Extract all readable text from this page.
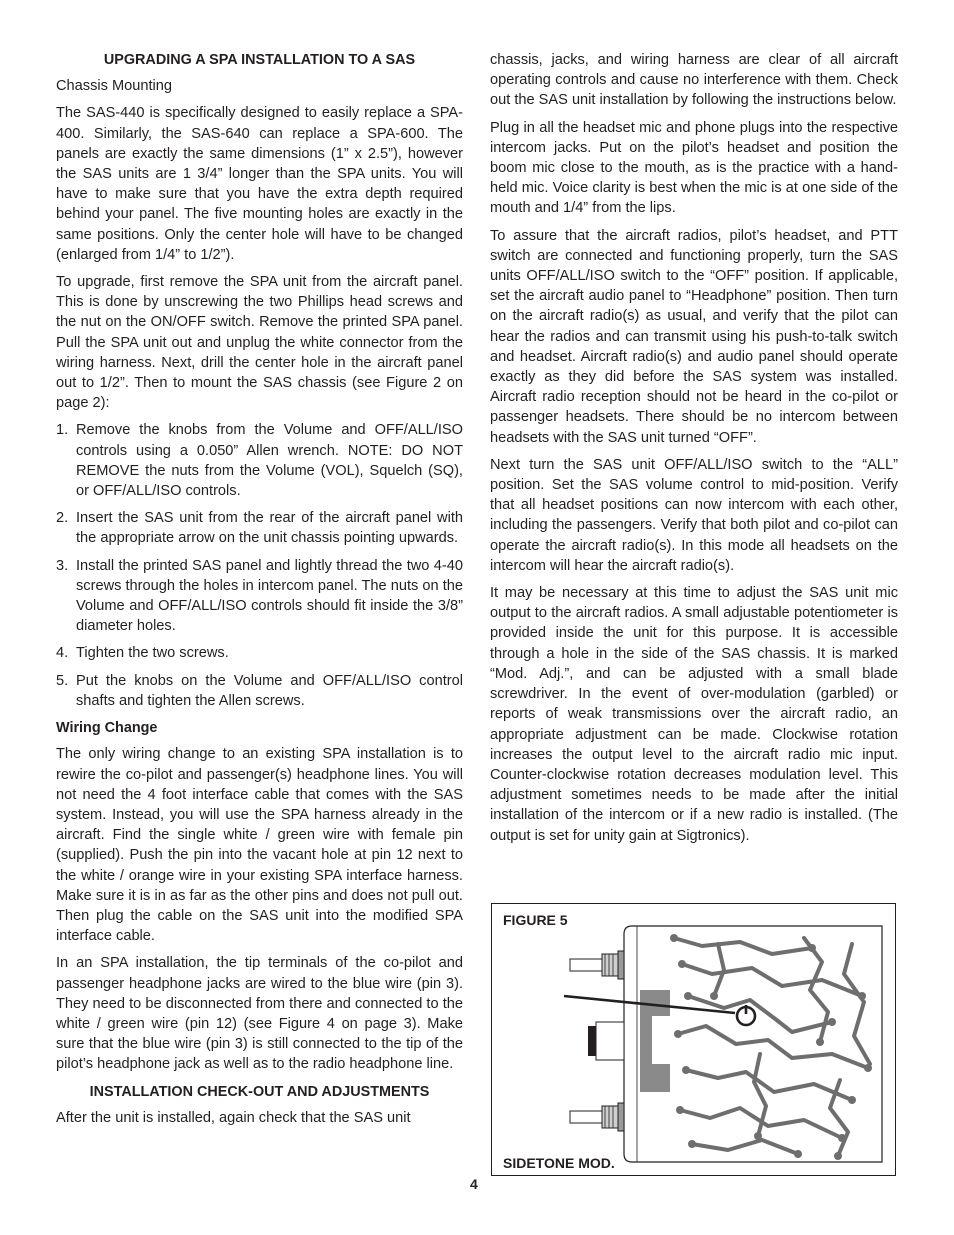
UPGRADING A SPA INSTALLATION TO A SAS

Chassis Mounting

The SAS-440 is specifically designed to easily replace a SPA-400. Similarly, the SAS-640 can replace a SPA-600. The panels are exactly the same dimensions (1” x 2.5”), however the SAS units are 1 3/4” longer than the SPA units. You will have to make sure that you have the extra depth required behind your panel. The five mounting holes are exactly in the same positions. Only the center hole will have to be changed (enlarged from 1/4” to 1/2”).

To upgrade, first remove the SPA unit from the aircraft panel. This is done by unscrewing the two Phillips head screws and the nut on the ON/OFF switch. Remove the printed SPA panel. Pull the SPA unit out and unplug the white connector from the wiring harness. Next, drill the center hole in the aircraft panel out to 1/2”. Then to mount the SAS chassis (see Figure 2 on page 2):

1. Remove the knobs from the Volume and OFF/ALL/ISO controls using a 0.050” Allen wrench. NOTE: DO NOT REMOVE the nuts from the Volume (VOL), Squelch (SQ), or OFF/ALL/ISO controls.
2. Insert the SAS unit from the rear of the aircraft panel with the appropriate arrow on the unit chassis pointing upwards.
3. Install the printed SAS panel and lightly thread the two 4-40 screws through the holes in intercom panel. The nuts on the Volume and OFF/ALL/ISO controls should fit inside the 3/8” diameter holes.
4. Tighten the two screws.
5. Put the knobs on the Volume and OFF/ALL/ISO control shafts and tighten the Allen screws.

Wiring Change

The only wiring change to an existing SPA installation is to rewire the co-pilot and passenger(s) headphone lines. You will not need the 4 foot interface cable that comes with the SAS system. Instead, you will use the SPA harness already in the aircraft. Find the single white / green wire with female pin (supplied). Push the pin into the vacant hole at pin 12 next to the white / orange wire in your existing SPA interface harness. Make sure it is in as far as the other pins and does not pull out. Then plug the cable on the SAS unit into the modified SPA interface cable.

In an SPA installation, the tip terminals of the co-pilot and passenger headphone jacks are wired to the blue wire (pin 3). They need to be disconnected from there and connected to the white / green wire (pin 12) (see Figure 4 on page 3). Make sure that the blue wire (pin 3) is still connected to the tip of the pilot’s headphone jack as well as to the radio headphone line.

INSTALLATION CHECK-OUT AND ADJUSTMENTS

After the unit is installed, again check that the SAS unit

chassis, jacks, and wiring harness are clear of all aircraft operating controls and cause no interference with them. Check out the SAS unit installation by following the instructions below.

Plug in all the headset mic and phone plugs into the respective intercom jacks. Put on the pilot’s headset and position the boom mic close to the mouth, as is the practice with a hand-held mic. Voice clarity is best when the mic is at one side of the mouth and 1/4” from the lips.

To assure that the aircraft radios, pilot’s headset, and PTT switch are connected and functioning properly, turn the SAS units OFF/ALL/ISO switch to the “OFF” position. If applicable, set the aircraft audio panel to “Headphone” position. Then turn on the aircraft radio(s) as usual, and verify that the pilot can hear the radios and can transmit using his push-to-talk switch and headset. Aircraft radio(s) and audio panel should operate exactly as they did before the SAS system was installed. Aircraft radio reception should not be heard in the co-pilot or passenger headsets. There should be no intercom between headsets with the SAS unit turned “OFF”.

Next turn the SAS unit OFF/ALL/ISO switch to the “ALL” position. Set the SAS volume control to mid-position. Verify that all headset positions can now intercom with each other, including the passengers. Verify that both pilot and co-pilot can operate the aircraft radio(s). In this mode all headsets on the intercom will hear the aircraft radio(s).

It may be necessary at this time to adjust the SAS unit mic output to the aircraft radios. A small adjustable potentiometer is provided inside the unit for this purpose. It is accessible through a hole in the side of the SAS chassis. It is marked “Mod. Adj.”, and can be adjusted with a small blade screwdriver. In the event of over-modulation (garbled) or reports of weak transmissions over the aircraft radio, an appropriate adjustment can be made. Clockwise rotation increases the output level to the aircraft radio mic input. Counter-clockwise rotation decreases modulation level. This adjustment sometimes needs to be made after the initial installation of the intercom or if a new radio is installed. (The output is set for unity gain at Sigtronics).

FIGURE 5
SIDETONE MOD.
4
